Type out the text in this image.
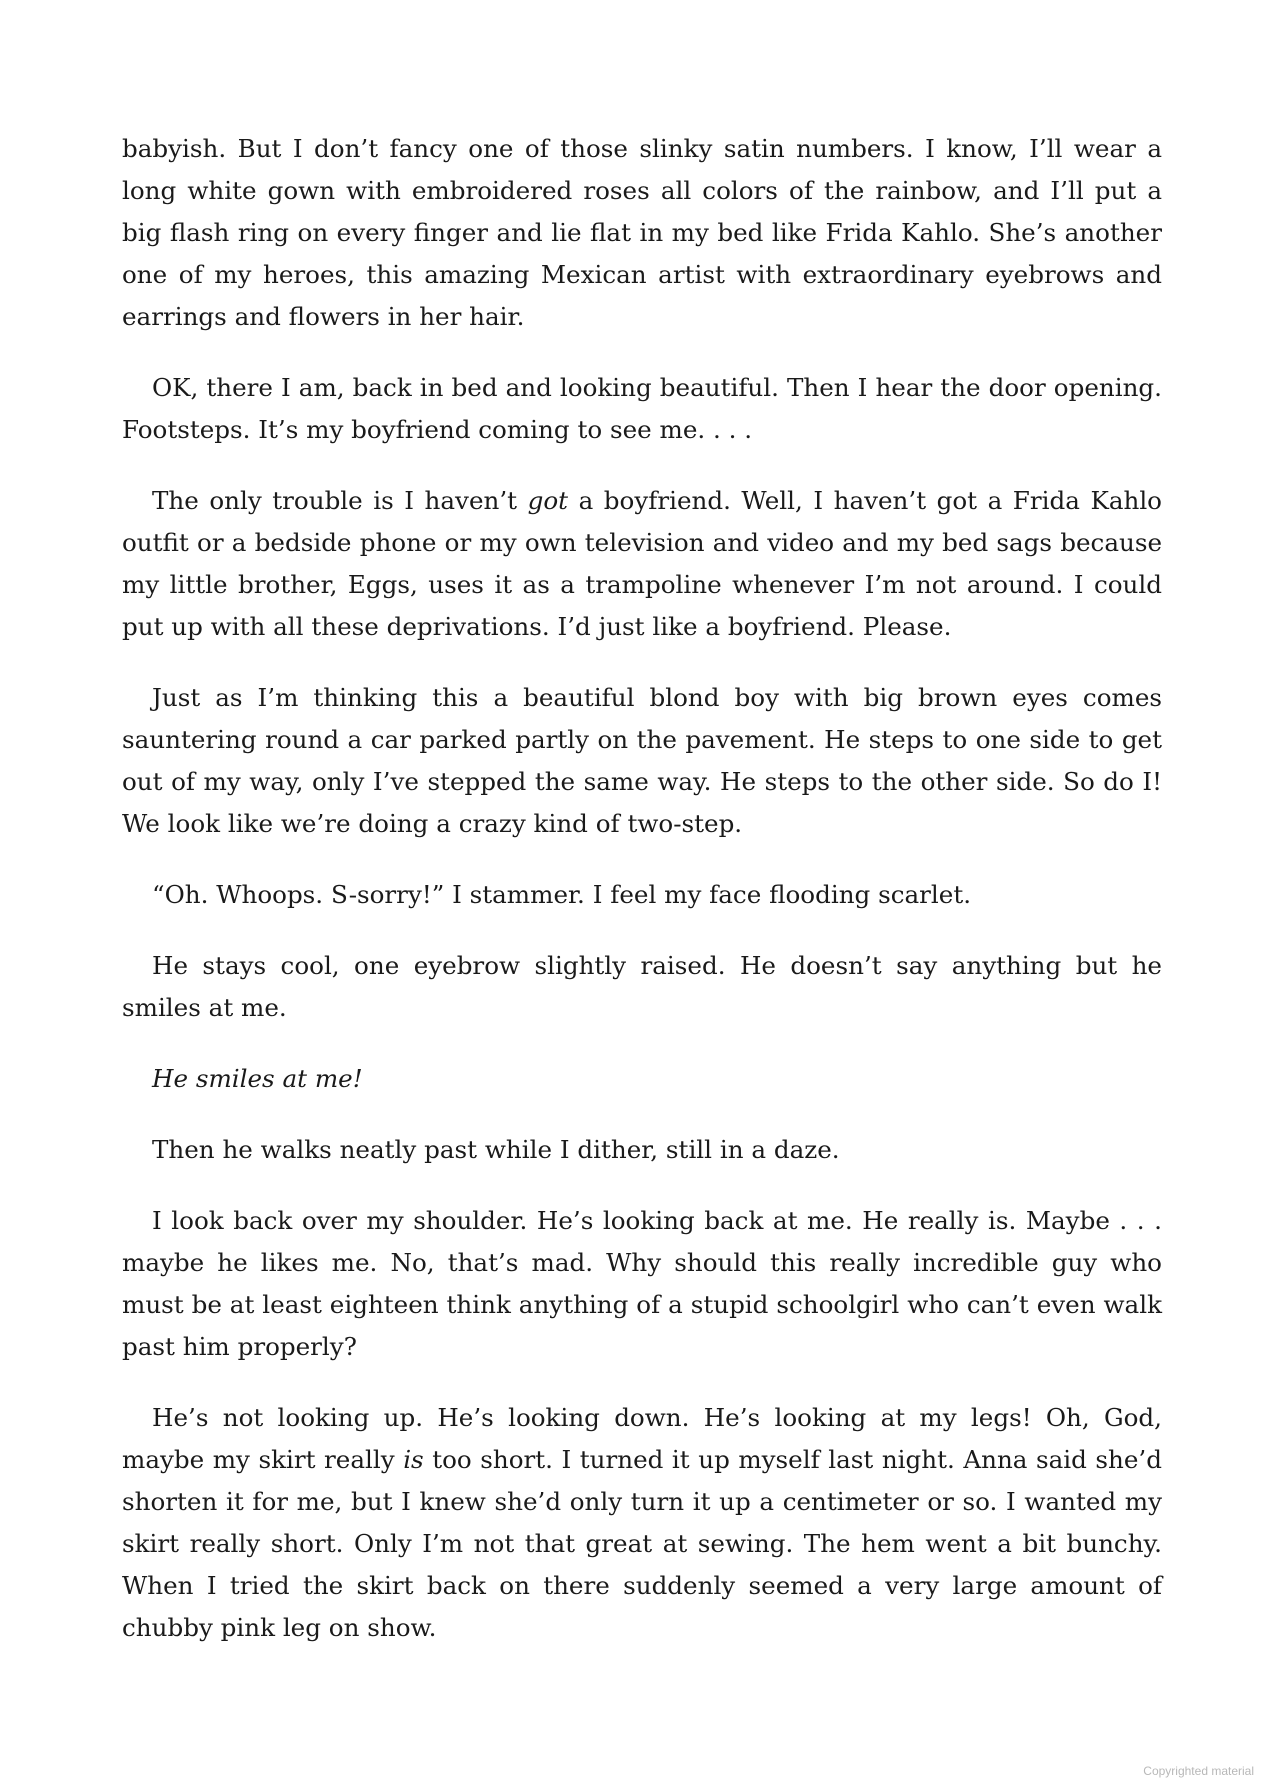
babyish. But I don’t fancy one of those slinky satin numbers. I know, I’ll wear a long white gown with embroidered roses all colors of the rainbow, and I’ll put a big flash ring on every finger and lie flat in my bed like Frida Kahlo. She’s another one of my heroes, this amazing Mexican artist with extraordinary eyebrows and earrings and flowers in her hair.

OK, there I am, back in bed and looking beautiful. Then I hear the door opening. Footsteps. It’s my boyfriend coming to see me. . . .

The only trouble is I haven’t got a boyfriend. Well, I haven’t got a Frida Kahlo outfit or a bedside phone or my own television and video and my bed sags because my little brother, Eggs, uses it as a trampoline whenever I’m not around. I could put up with all these deprivations. I’d just like a boyfriend. Please.

Just as I’m thinking this a beautiful blond boy with big brown eyes comes sauntering round a car parked partly on the pavement. He steps to one side to get out of my way, only I’ve stepped the same way. He steps to the other side. So do I! We look like we’re doing a crazy kind of two-step.

“Oh. Whoops. S-sorry!” I stammer. I feel my face flooding scarlet.

He stays cool, one eyebrow slightly raised. He doesn’t say anything but he smiles at me.

He smiles at me!

Then he walks neatly past while I dither, still in a daze.

I look back over my shoulder. He’s looking back at me. He really is. Maybe . . . maybe he likes me. No, that’s mad. Why should this really incredible guy who must be at least eighteen think anything of a stupid schoolgirl who can’t even walk past him properly?

He’s not looking up. He’s looking down. He’s looking at my legs! Oh, God, maybe my skirt really is too short. I turned it up myself last night. Anna said she’d shorten it for me, but I knew she’d only turn it up a centimeter or so. I wanted my skirt really short. Only I’m not that great at sewing. The hem went a bit bunchy. When I tried the skirt back on there suddenly seemed a very large amount of chubby pink leg on show.

Copyrighted material
